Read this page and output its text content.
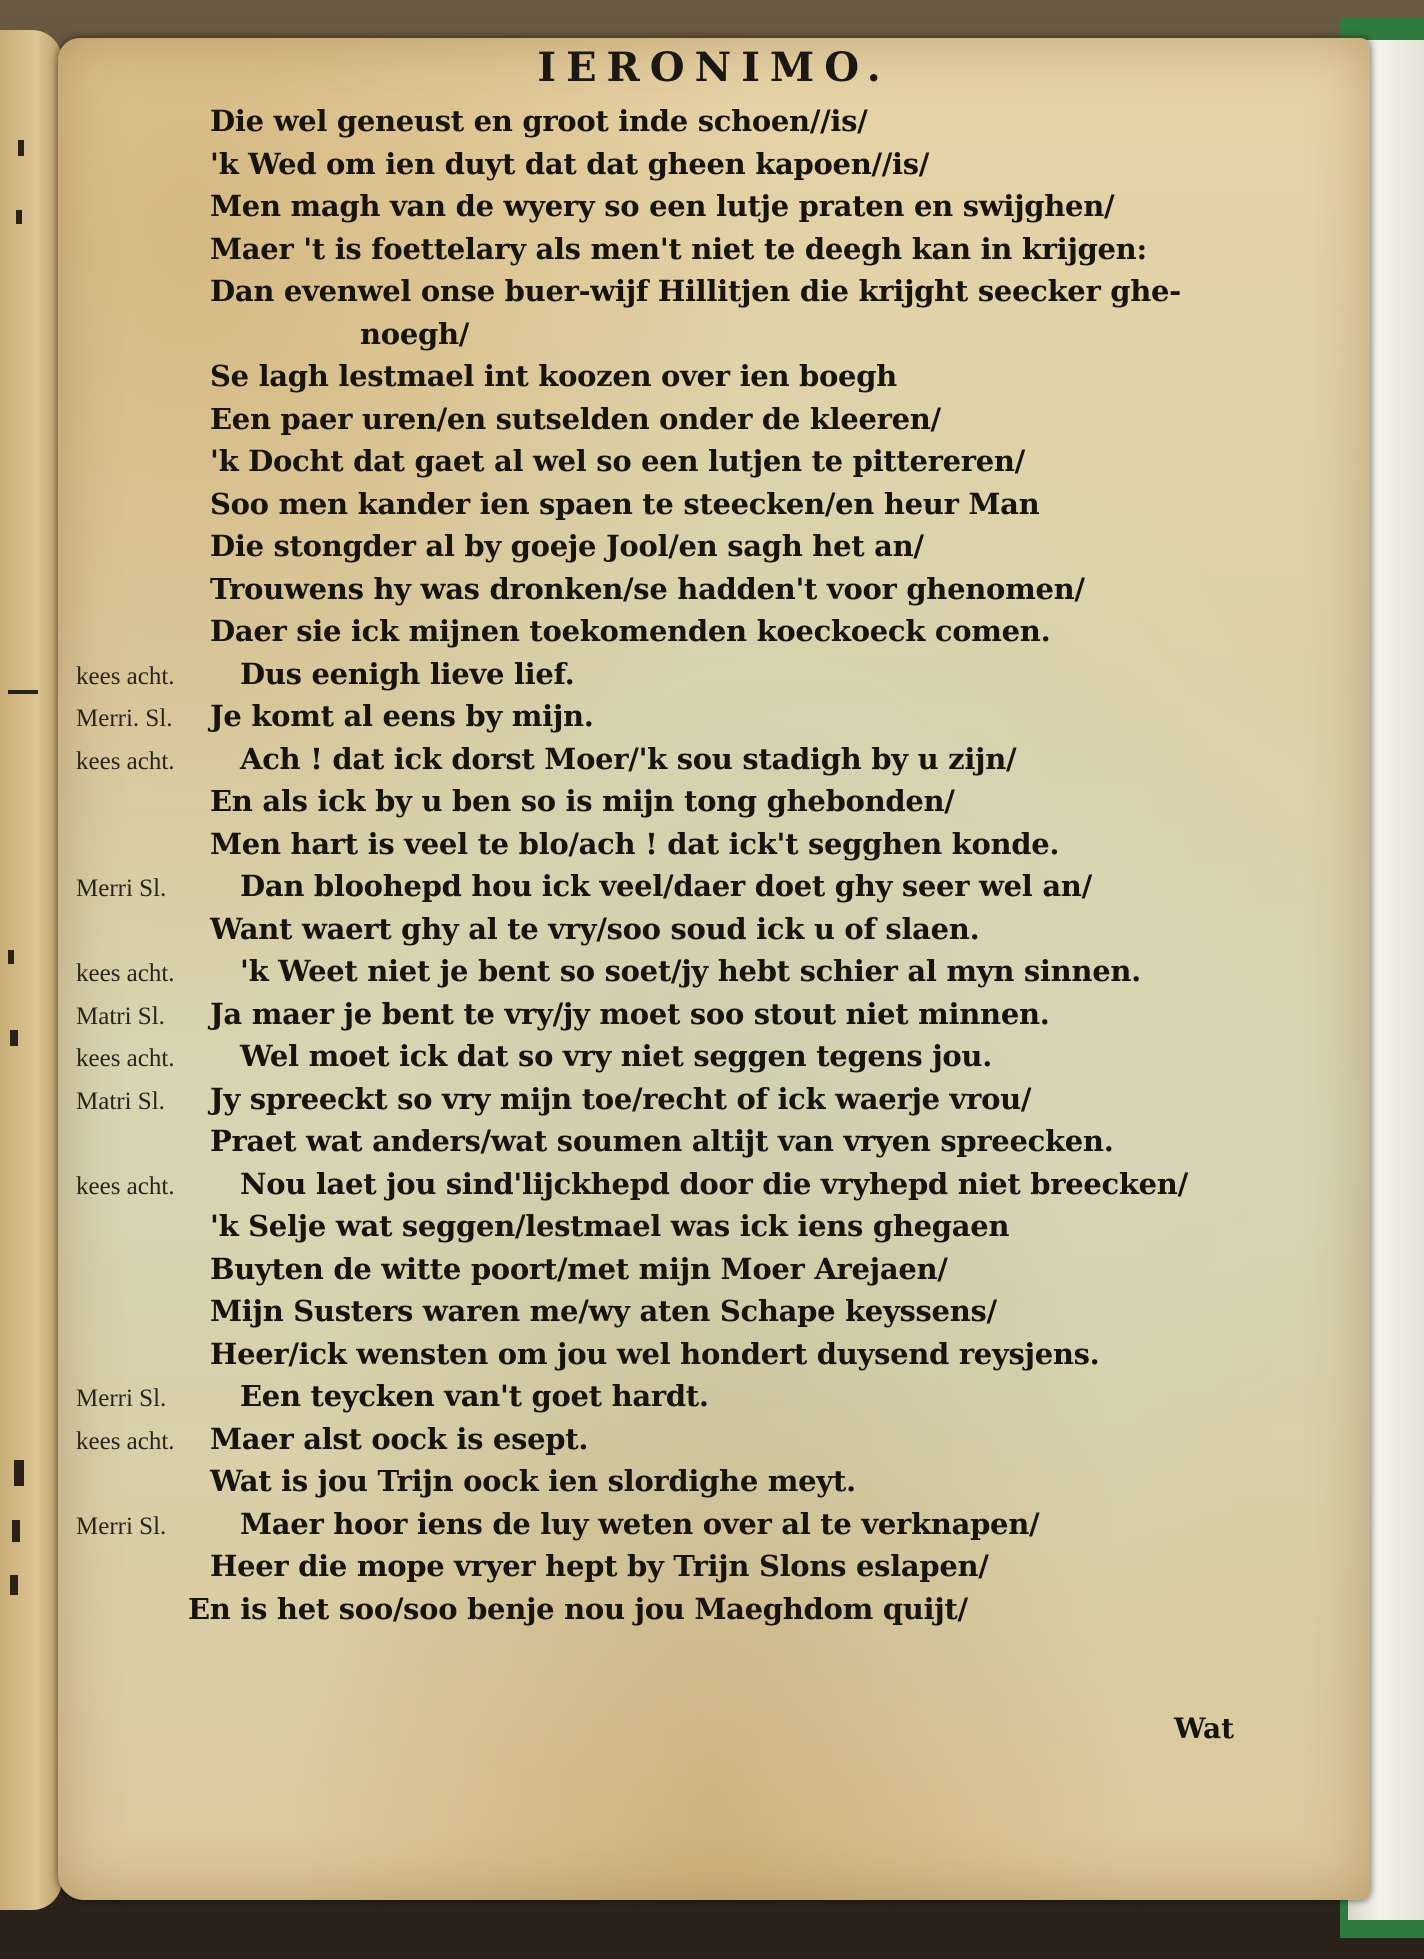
IERONIMO.
Die wel geneust en groot inde schoen//is/
'k Wed om ien duyt dat dat gheen kapoen//is/
Men magh van de wyery so een lutje praten en swijghen/
Maer 't is foettelary als men't niet te deegh kan in krijgen:
Dan evenwel onse buer-wijf Hillitjen die krijght seecker ghe-
noegh/
Se lagh lestmael int koozen over ien boegh
Een paer uren/en sutselden onder de kleeren/
'k Docht dat gaet al wel so een lutjen te pittereren/
Soo men kander ien spaen te steecken/en heur Man
Die stongder al by goeje Jool/en sagh het an/
Trouwens hy was dronken/se hadden't voor ghenomen/
Daer sie ick mijnen toekomenden koeckoeck comen.
kees acht.	Dus eenigh lieve lief.
Merri. Sl.	Je komt al eens by mijn.
kees acht.	Ach ! dat ick dorst Moer/'k sou stadigh by u zijn/
En als ick by u ben so is mijn tong ghebonden/
Men hart is veel te blo/ach ! dat ick't segghen konde.
Merri Sl.	Dan bloohepd hou ick veel/daer doet ghy seer wel an/
Want waert ghy al te vry/soo soud ick u of slaen.
kees acht.	'k Weet niet je bent so soet/jy hebt schier al myn sinnen.
Matri Sl.	Ja maer je bent te vry/jy moet soo stout niet minnen.
kees acht.	Wel moet ick dat so vry niet seggen tegens jou.
Matri Sl.	Jy spreeckt so vry mijn toe/recht of ick waerje vrou/
Praet wat anders/wat soumen altijt van vryen spreecken.
kees acht.	Nou laet jou sind'lijckhepd door die vryhepd niet breecken/
'k Selje wat seggen/lestmael was ick iens ghegaen
Buyten de witte poort/met mijn Moer Arejaen/
Mijn Susters waren me/wy aten Schape keyssens/
Heer/ick wensten om jou wel hondert duysend reysjens.
Merri Sl.	Een teycken van't goet hardt.
kees acht.	Maer alst oock is esept.
Wat is jou Trijn oock ien slordighe meyt.
Merri Sl.	Maer hoor iens de luy weten over al te verknapen/
Heer die mope vryer hept by Trijn Slons eslapen/
En is het soo/soo benje nou jou Maeghdom quijt/
Wat
